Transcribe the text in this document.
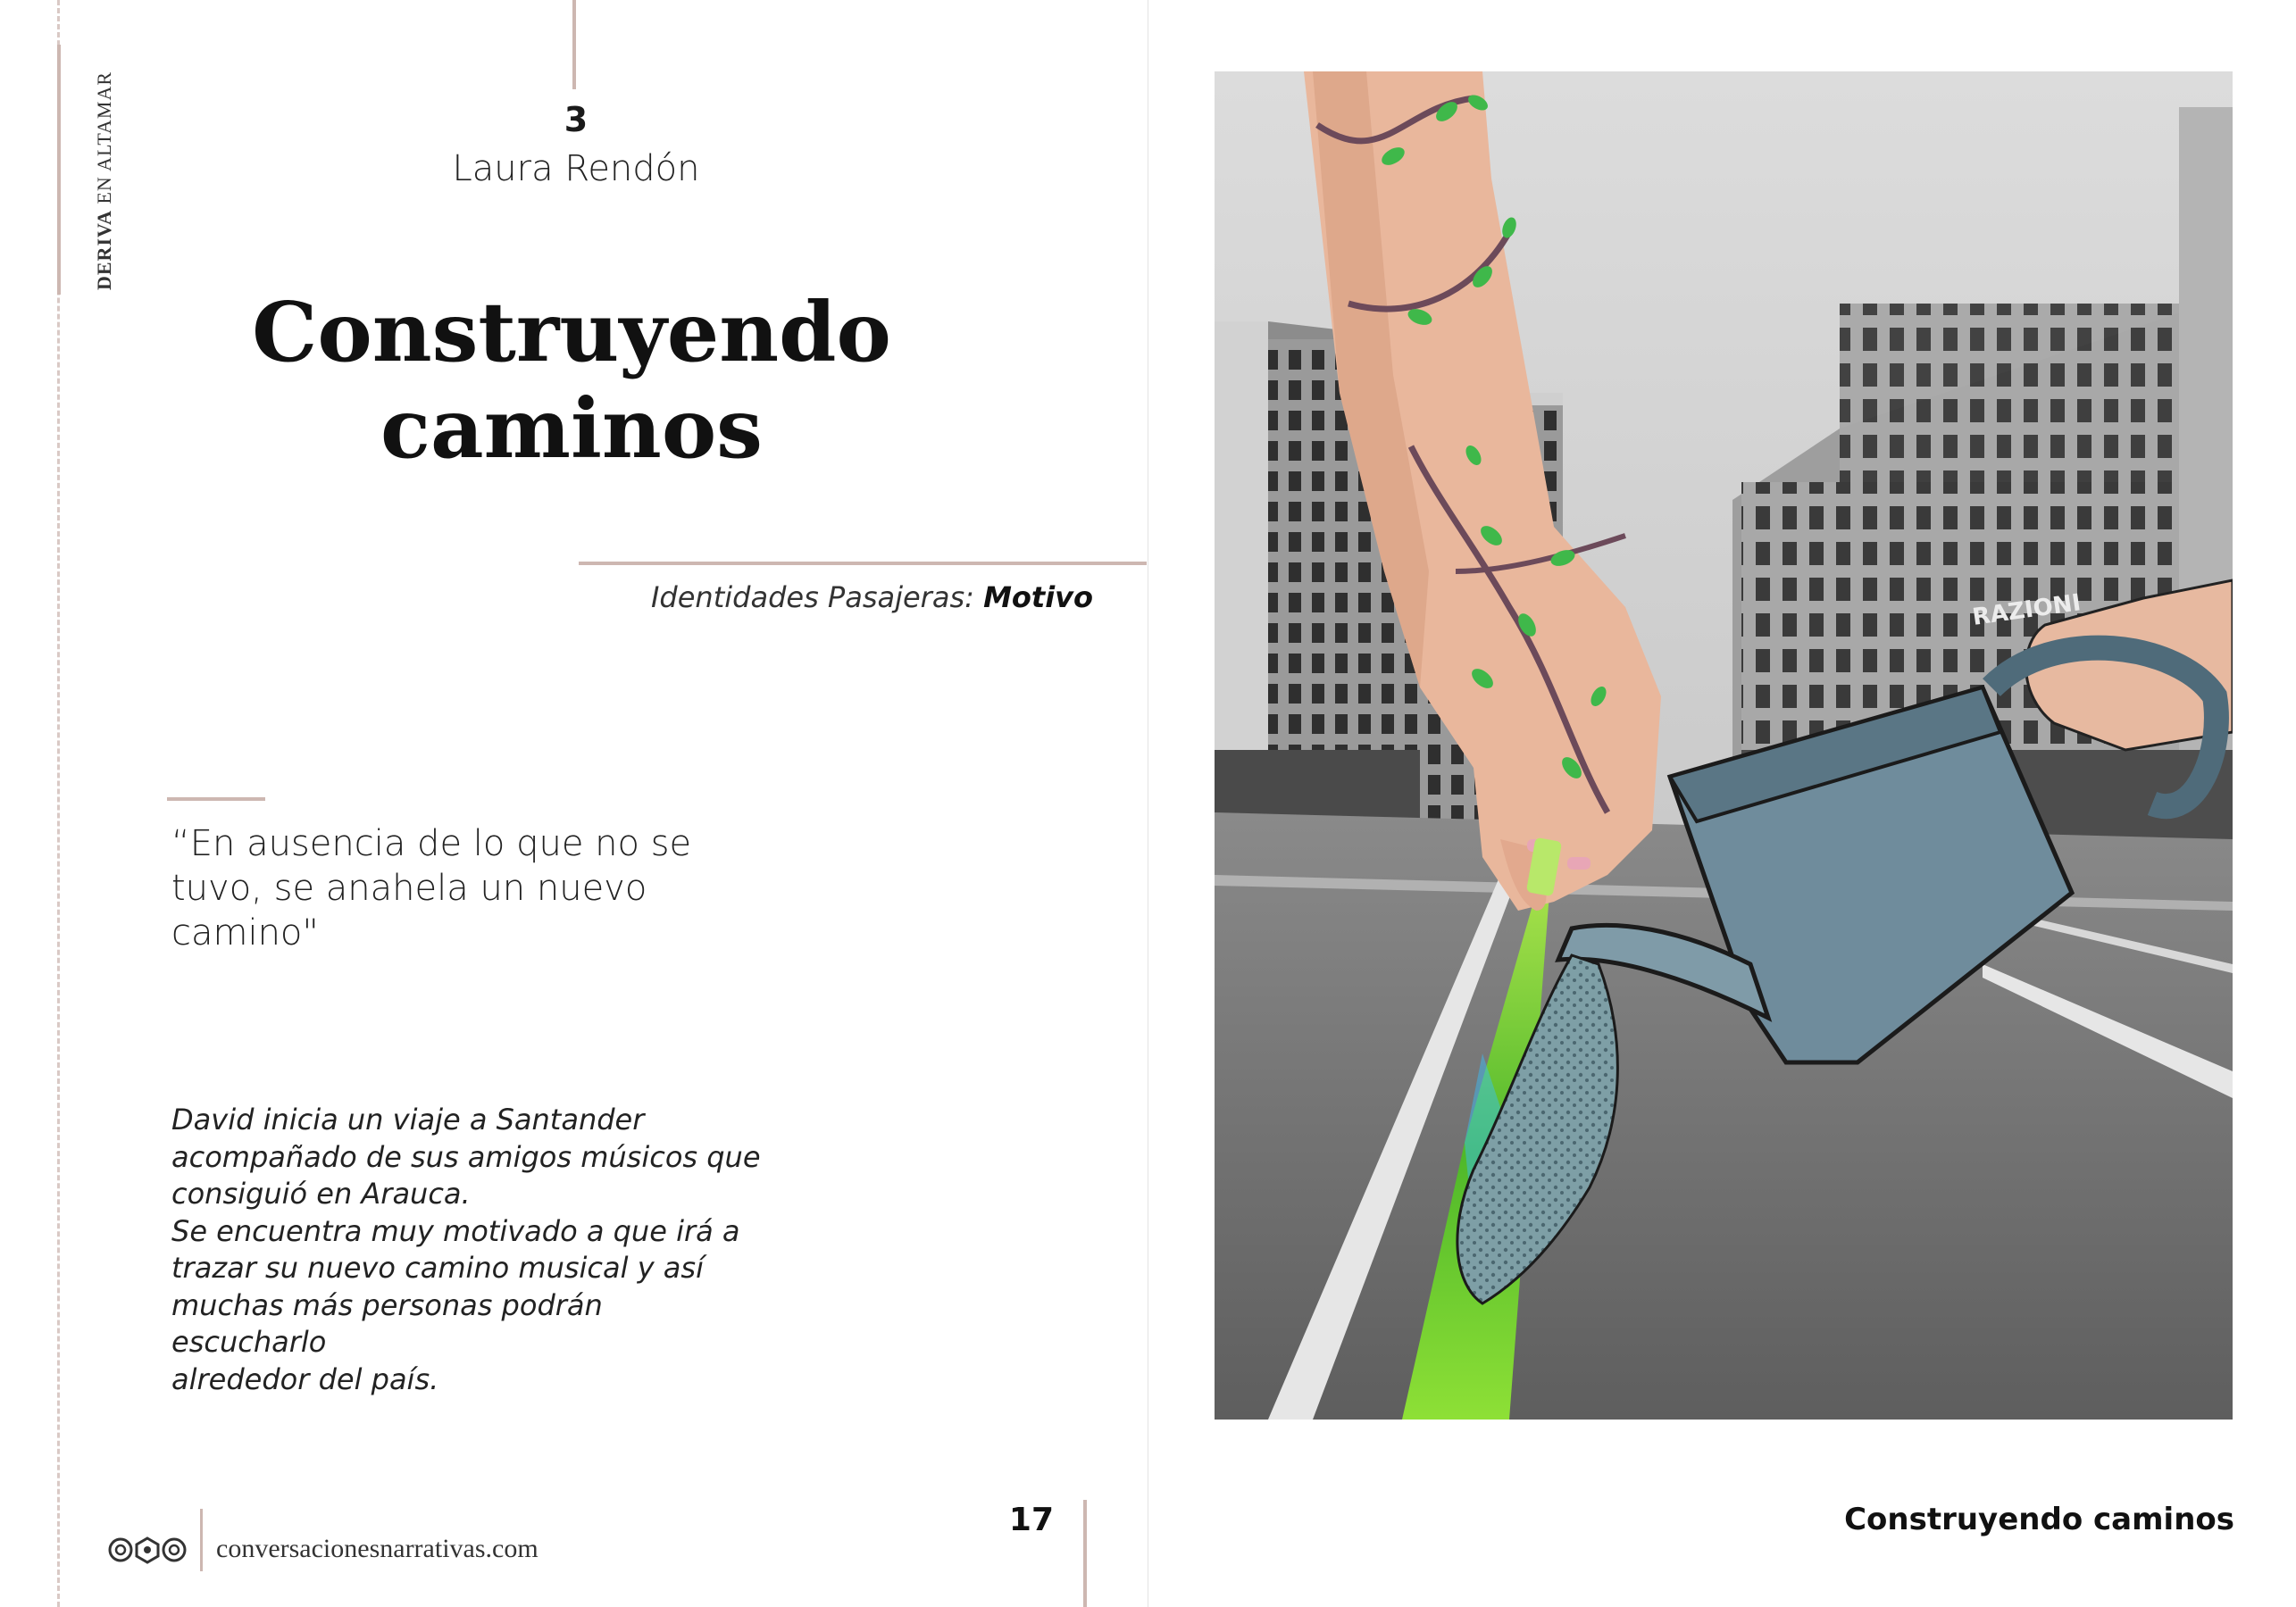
DERIVA EN ALTAMAR	3
Laura Rendón
Construyendo
caminos
Identidades Pasajeras: Motivo
“En ausencia de lo que no se tuvo, se anahela un nuevo camino"

David inicia un viaje a Santander

acompañado de sus amigos músicos que

consiguió en Arauca.

Se encuentra muy motivado a que irá a

trazar su nuevo camino musical y así

muchas más personas podrán escucharlo

alrededor del país.

conversacionesnarrativas.com
17
RAZIONI
Construyendo caminos
